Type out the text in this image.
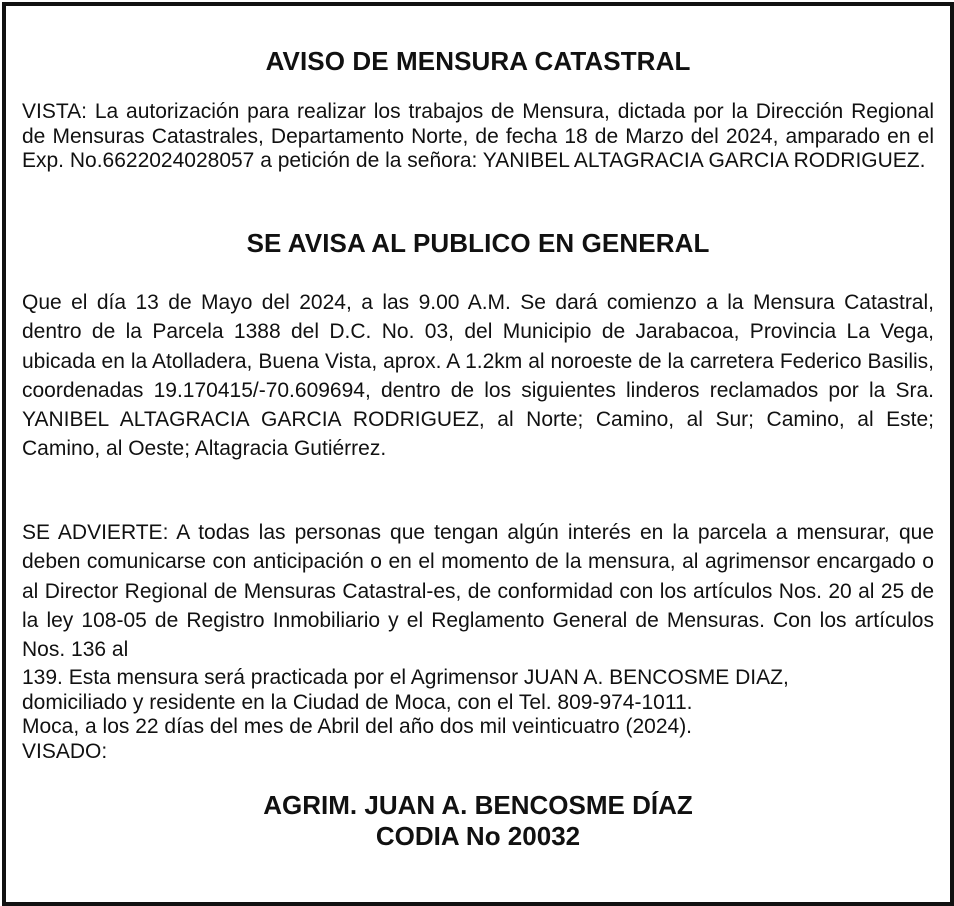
AVISO DE MENSURA CATASTRAL

VISTA: La autorización para realizar los trabajos de Mensura, dictada por la Dirección Regional de Mensuras Catastrales, Departamento Norte, de fecha 18 de Marzo del 2024, amparado en el Exp. No.6622024028057 a petición de la señora: YANIBEL ALTAGRACIA GARCIA RODRIGUEZ.

SE AVISA AL PUBLICO EN GENERAL

Que el día 13 de Mayo del 2024, a las 9.00 A.M. Se dará comienzo a la Mensura Catastral, dentro de la Parcela 1388 del D.C. No. 03, del Municipio de Jarabacoa, Provincia La Vega, ubicada en la Atolladera, Buena Vista, aprox. A 1.2km al noroeste de la carretera Federico Basilis, coordenadas 19.170415/-70.609694, dentro de los siguientes linderos reclamados por la Sra. YANIBEL ALTAGRACIA GARCIA RODRIGUEZ, al Norte; Camino, al Sur; Camino, al Este; Camino, al Oeste; Altagracia Gutiérrez.

SE ADVIERTE: A todas las personas que tengan algún interés en la parcela a mensurar, que deben comunicarse con anticipación o en el momento de la mensura, al agrimensor encargado o al Director Regional de Mensuras Catastral-es, de conformidad con los artículos Nos. 20 al 25 de la ley 108-05 de Registro Inmobiliario y el Reglamento General de Mensuras. Con los artículos Nos. 136 al

139. Esta mensura será practicada por el Agrimensor JUAN A. BENCOSME DIAZ,
domiciliado y residente en la Ciudad de Moca, con el Tel. 809-974-1011.
Moca, a los 22 días del mes de Abril del año dos mil veinticuatro (2024).
VISADO:
AGRIM. JUAN A. BENCOSME DÍAZ
CODIA No 20032
